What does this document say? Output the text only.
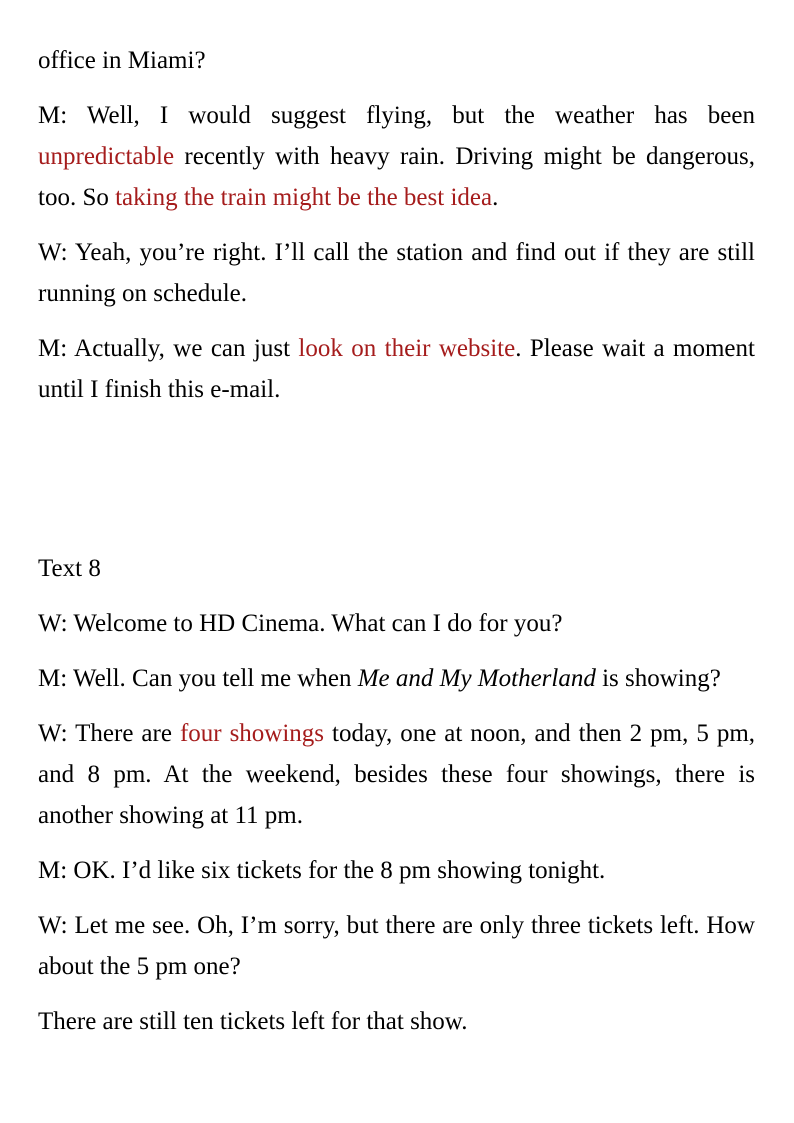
office in Miami?

M: Well, I would suggest flying, but the weather has been unpredictable recently with heavy rain. Driving might be dangerous, too. So taking the train might be the best idea.

W: Yeah, you’re right. I’ll call the station and find out if they are still running on schedule.

M: Actually, we can just look on their website. Please wait a moment until I finish this e-mail.

Text 8

W: Welcome to HD Cinema. What can I do for you?

M: Well. Can you tell me when Me and My Motherland is showing?

W: There are four showings today, one at noon, and then 2 pm, 5 pm, and 8 pm. At the weekend, besides these four showings, there is another showing at 11 pm.

M: OK. I’d like six tickets for the 8 pm showing tonight.

W: Let me see. Oh, I’m sorry, but there are only three tickets left. How about the 5 pm one?

There are still ten tickets left for that show.
